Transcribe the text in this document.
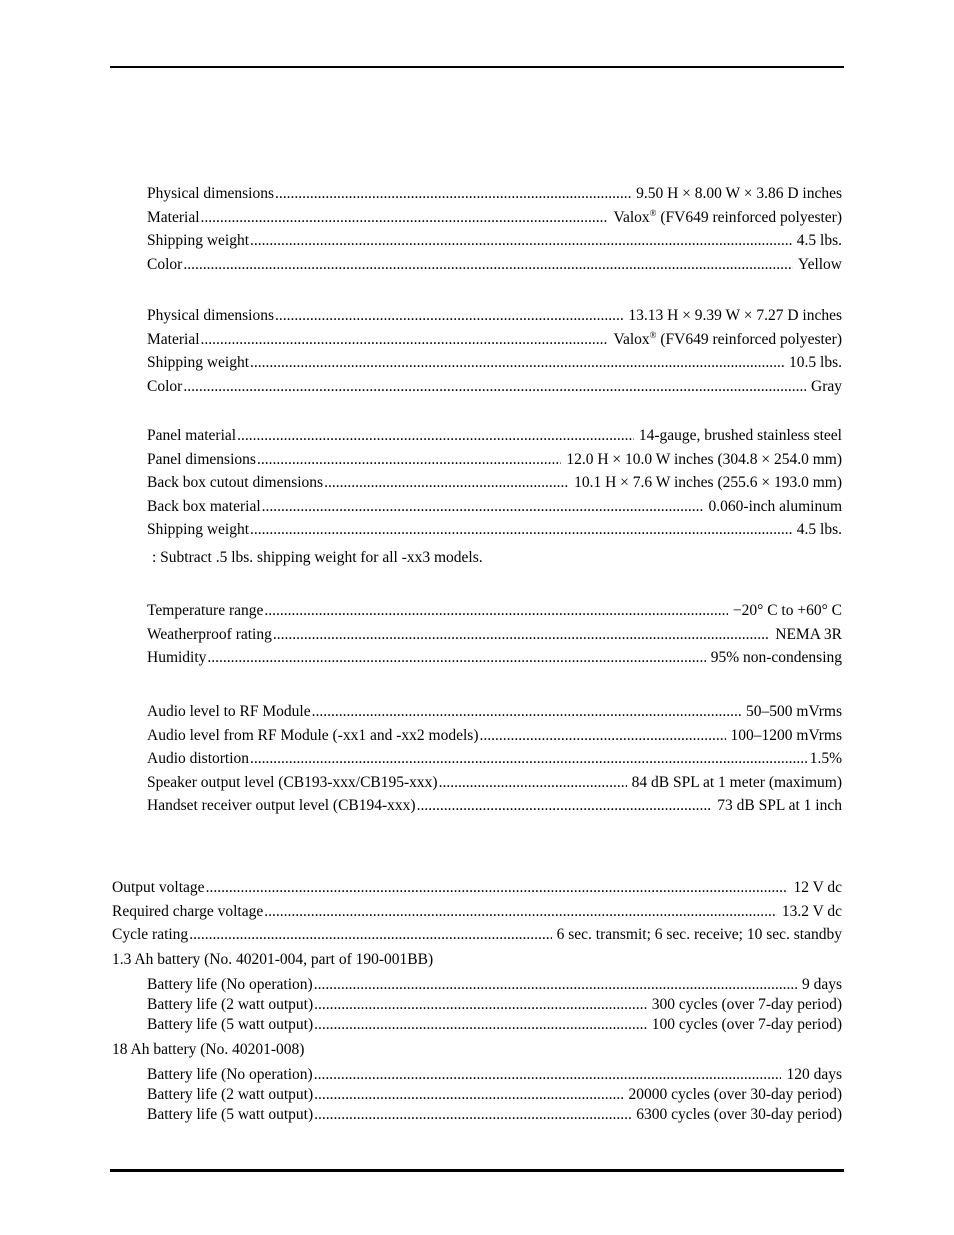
Physical dimensions .....	9.50 H × 8.00 W × 3.86 D inches
Material .....	Valox® (FV649 reinforced polyester)
Shipping weight .....	4.5 lbs.
Color .....	Yellow
Physical dimensions .....	13.13 H × 9.39 W × 7.27 D inches
Material .....	Valox® (FV649 reinforced polyester)
Shipping weight .....	10.5 lbs.
Color .....	Gray
Panel material .....	14-gauge, brushed stainless steel
Panel dimensions .....	12.0 H × 10.0 W inches (304.8 × 254.0 mm)
Back box cutout dimensions .....	10.1 H × 7.6 W inches (255.6 × 193.0 mm)
Back box material .....	0.060-inch aluminum
Shipping weight .....	4.5 lbs.
: Subtract .5 lbs. shipping weight for all -xx3 models.
Temperature range .....	−20° C to +60° C
Weatherproof rating .....	NEMA 3R
Humidity .....	95% non-condensing
Audio level to RF Module .....	50–500 mVrms
Audio level from RF Module (-xx1 and -xx2 models) .....	100–1200 mVrms
Audio distortion .....	1.5%
Speaker output level (CB193-xxx/CB195-xxx) .....	84 dB SPL at 1 meter (maximum)
Handset receiver output level (CB194-xxx) .....	73 dB SPL at 1 inch
Output voltage .....	12 V dc
Required charge voltage .....	13.2 V dc
Cycle rating .....	6 sec. transmit; 6 sec. receive; 10 sec. standby
1.3 Ah battery (No. 40201-004, part of 190-001BB)
Battery life (No operation) .....	9 days
Battery life (2 watt output) .....	300 cycles (over 7-day period)
Battery life (5 watt output) .....	100 cycles (over 7-day period)
18 Ah battery (No. 40201-008)
Battery life (No operation) .....	120 days
Battery life (2 watt output) .....	20000 cycles (over 30-day period)
Battery life (5 watt output) .....	6300 cycles (over 30-day period)
